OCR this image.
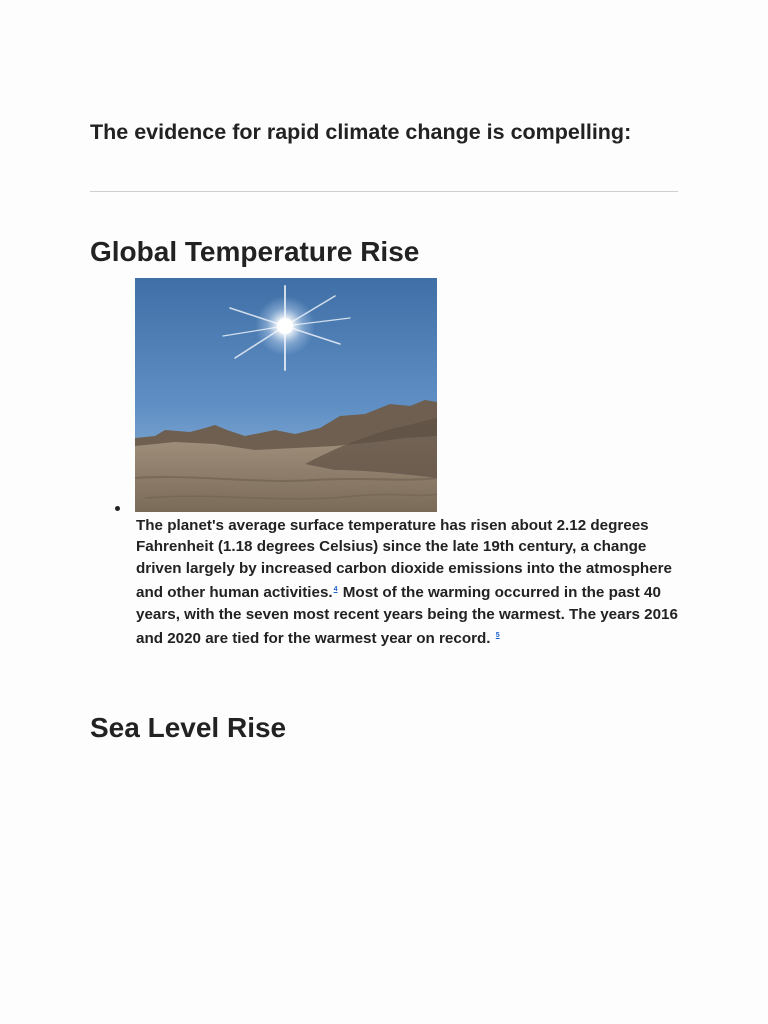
The evidence for rapid climate change is compelling:
Global Temperature Rise

The planet's average surface temperature has risen about 2.12 degrees Fahrenheit (1.18 degrees Celsius) since the late 19th century, a change driven largely by increased carbon dioxide emissions into the atmosphere and other human activities.$^4$ Most of the warming occurred in the past 40 years, with the seven most recent years being the warmest. The years 2016 and 2020 are tied for the warmest year on record. $^5$

Sea Level Rise
